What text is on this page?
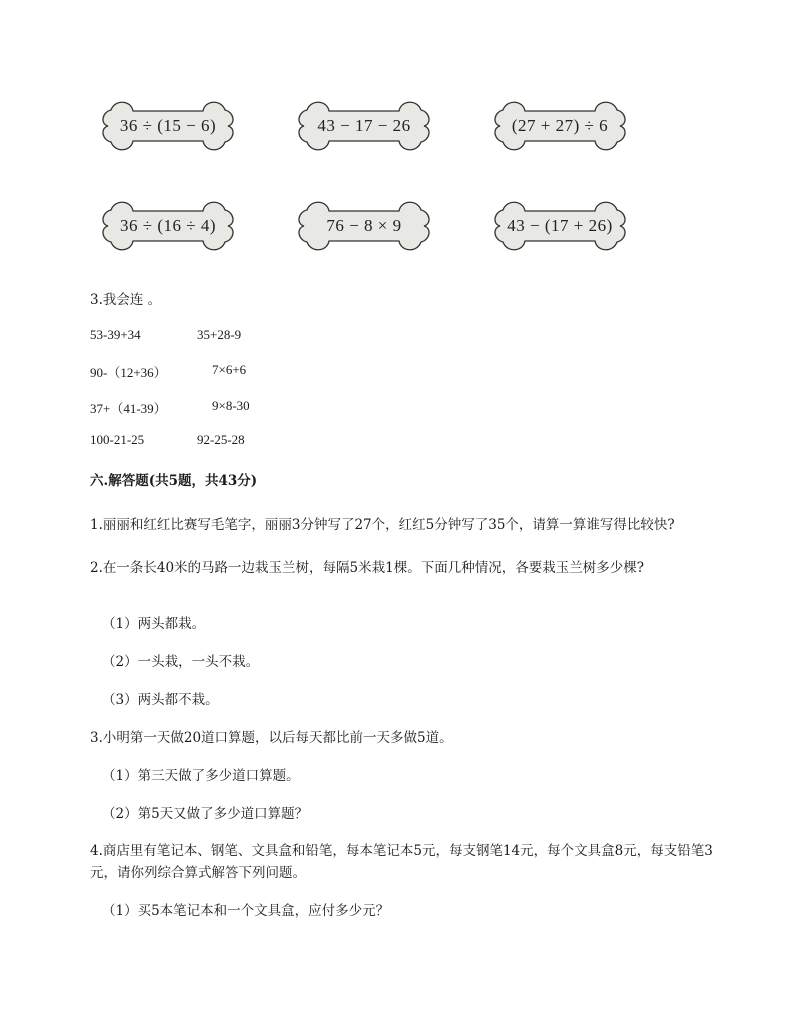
36 ÷ (15 − 6)	43 − 17 − 26	(27 + 27) ÷ 6
36 ÷ (16 ÷ 4)	76 − 8 × 9	43 − (17 + 26)
3.我会连 。
53-39+34	35+28-9
90-（12+36）	7×6+6
37+（41-39）	9×8-30
100-21-25	92-25-28
六.解答题(共5题，共43分)
1.丽丽和红红比赛写毛笔字，丽丽3分钟写了27个，红红5分钟写了35个，请算一算谁写得比较快?
2.在一条长40米的马路一边栽玉兰树，每隔5米栽1棵。下面几种情况，各要栽玉兰树多少棵?
（1）两头都栽。
（2）一头栽，一头不栽。
（3）两头都不栽。
3.小明第一天做20道口算题，以后每天都比前一天多做5道。
（1）第三天做了多少道口算题。
（2）第5天又做了多少道口算题？
4.商店里有笔记本、钢笔、文具盒和铅笔，每本笔记本5元，每支钢笔14元，每个文具盒8元，每支铅笔3元，请你列综合算式解答下列问题。
（1）买5本笔记本和一个文具盒，应付多少元？
